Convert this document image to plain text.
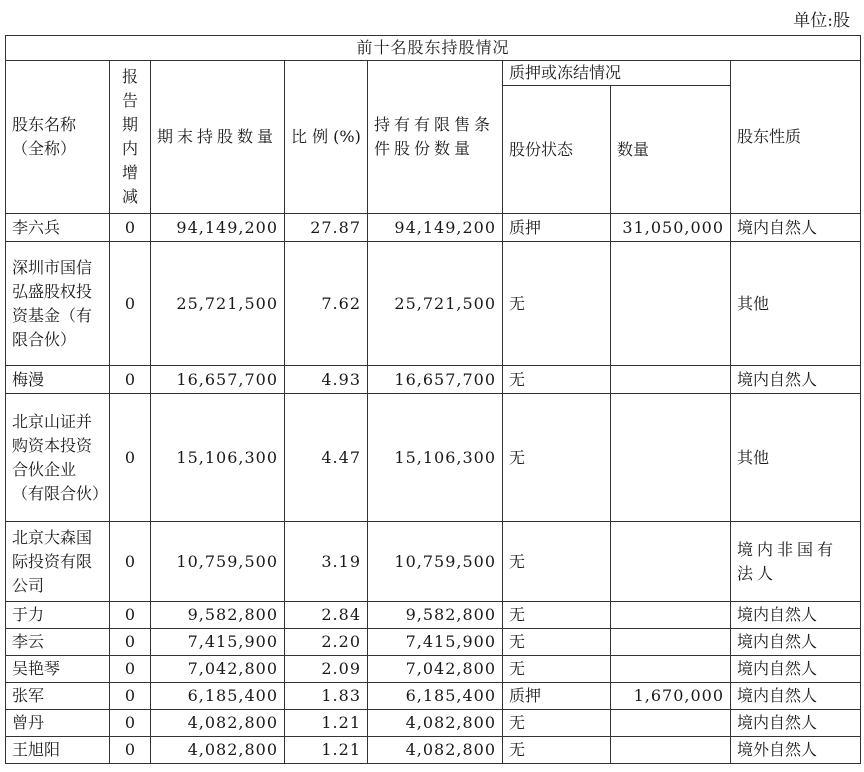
单位:股
前十名股东持股情况							
股东名称（全称）	报告期内增减	期末持股数量	比 例 (%)	持有有限售条件股份数量	质押或冻结情况		股东性质
					股份状态	数量	
李六兵	0	94,149,200	27.87	94,149,200	质押	31,050,000	境内自然人
深圳市国信弘盛股权投资基金（有限合伙）	0	25,721,500	7.62	25,721,500	无		其他
梅漫	0	16,657,700	4.93	16,657,700	无		境内自然人
北京山证并购资本投资合伙企业（有限合伙）	0	15,106,300	4.47	15,106,300	无		其他
北京大森国际投资有限公司	0	10,759,500	3.19	10,759,500	无		境内非国有法人
于力	0	9,582,800	2.84	9,582,800	无		境内自然人
李云	0	7,415,900	2.20	7,415,900	无		境内自然人
吴艳琴	0	7,042,800	2.09	7,042,800	无		境内自然人
张军	0	6,185,400	1.83	6,185,400	质押	1,670,000	境内自然人
曾丹	0	4,082,800	1.21	4,082,800	无		境内自然人
王旭阳	0	4,082,800	1.21	4,082,800	无		境外自然人
